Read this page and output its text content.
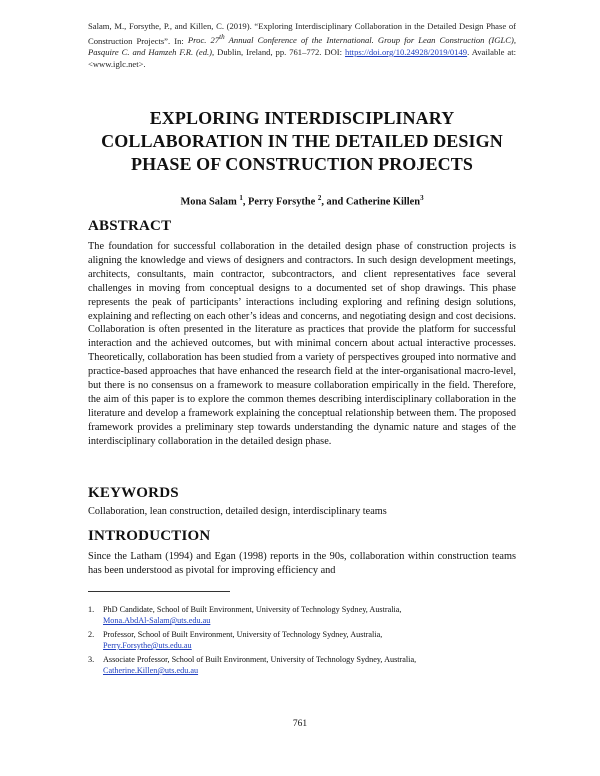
Salam, M., Forsythe, P., and Killen, C. (2019). “Exploring Interdisciplinary Collaboration in the Detailed Design Phase of Construction Projects”. In: Proc. 27th Annual Conference of the International. Group for Lean Construction (IGLC), Pasquire C. and Hamzeh F.R. (ed.), Dublin, Ireland, pp. 761–772. DOI: https://doi.org/10.24928/2019/0149. Available at: <www.iglc.net>.
EXPLORING INTERDISCIPLINARY COLLABORATION IN THE DETAILED DESIGN PHASE OF CONSTRUCTION PROJECTS
Mona Salam $^1$, Perry Forsythe $^2$, and Catherine Killen$^3$
ABSTRACT

The foundation for successful collaboration in the detailed design phase of construction projects is aligning the knowledge and views of designers and contractors. In such design development meetings, architects, consultants, main contractor, subcontractors, and client representatives face several challenges in moving from conceptual designs to a documented set of shop drawings. This phase represents the peak of participants’ interactions including exploring and refining design solutions, explaining and reflecting on each other’s ideas and concerns, and negotiating design and cost decisions. Collaboration is often presented in the literature as practices that provide the platform for successful interaction and the achieved outcomes, but with minimal concern about actual interactive processes. Theoretically, collaboration has been studied from a variety of perspectives grouped into normative and practice-based approaches that have enhanced the research field at the inter-organisational macro-level, but there is no consensus on a framework to measure collaboration empirically in the field. Therefore, the aim of this paper is to explore the common themes describing interdisciplinary collaboration in the literature and develop a framework explaining the conceptual relationship between them. The proposed framework provides a preliminary step towards understanding the dynamic nature and stages of the interdisciplinary collaboration in the detailed design phase.

KEYWORDS

Collaboration, lean construction, detailed design, interdisciplinary teams

INTRODUCTION

Since the Latham (1994) and Egan (1998) reports in the 90s, collaboration within construction teams has been understood as pivotal for improving efficiency and

1. PhD Candidate, School of Built Environment, University of Technology Sydney, Australia,
Mona.AbdAl-Salam@uts.edu.au
2. Professor, School of Built Environment, University of Technology Sydney, Australia,
Perry.Forsythe@uts.edu.au
3. Associate Professor, School of Built Environment, University of Technology Sydney, Australia,
Catherine.Killen@uts.edu.au
761
